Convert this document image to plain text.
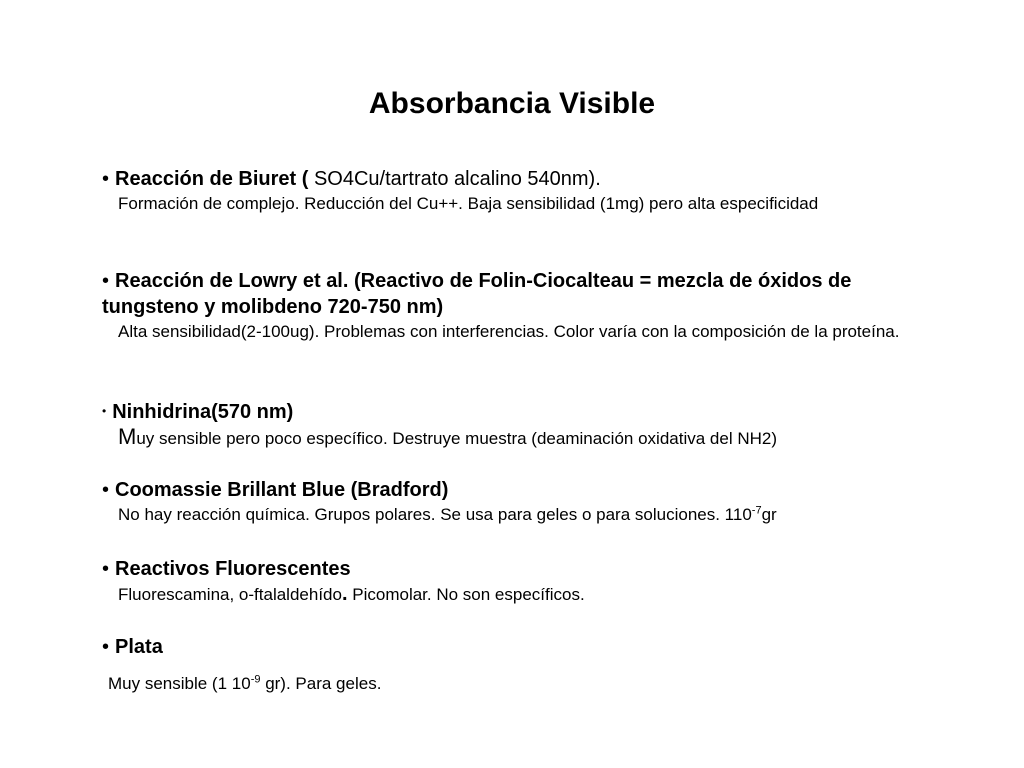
Absorbancia Visible
• Reacción de Biuret ( SO4Cu/tartrato alcalino 540nm).
Formación de complejo. Reducción del Cu++. Baja sensibilidad (1mg) pero alta especificidad
• Reacción de Lowry et al. (Reactivo de Folin-Ciocalteau = mezcla de óxidos de tungsteno y molibdeno 720-750 nm)
Alta sensibilidad(2-100ug). Problemas con interferencias. Color varía con la composición de la proteína.
• Ninhidrina(570 nm)
Muy sensible pero poco específico. Destruye muestra (deaminación oxidativa del NH2)
• Coomassie Brillant Blue (Bradford)
No hay reacción química. Grupos polares. Se usa para geles o para soluciones. $110^{-7}gr$
• Reactivos Fluorescentes
Fluorescamina, o-ftalaldehído. Picomolar. No son específicos.
• Plata
Muy sensible (1 $10^{-9}$ gr). Para geles.
